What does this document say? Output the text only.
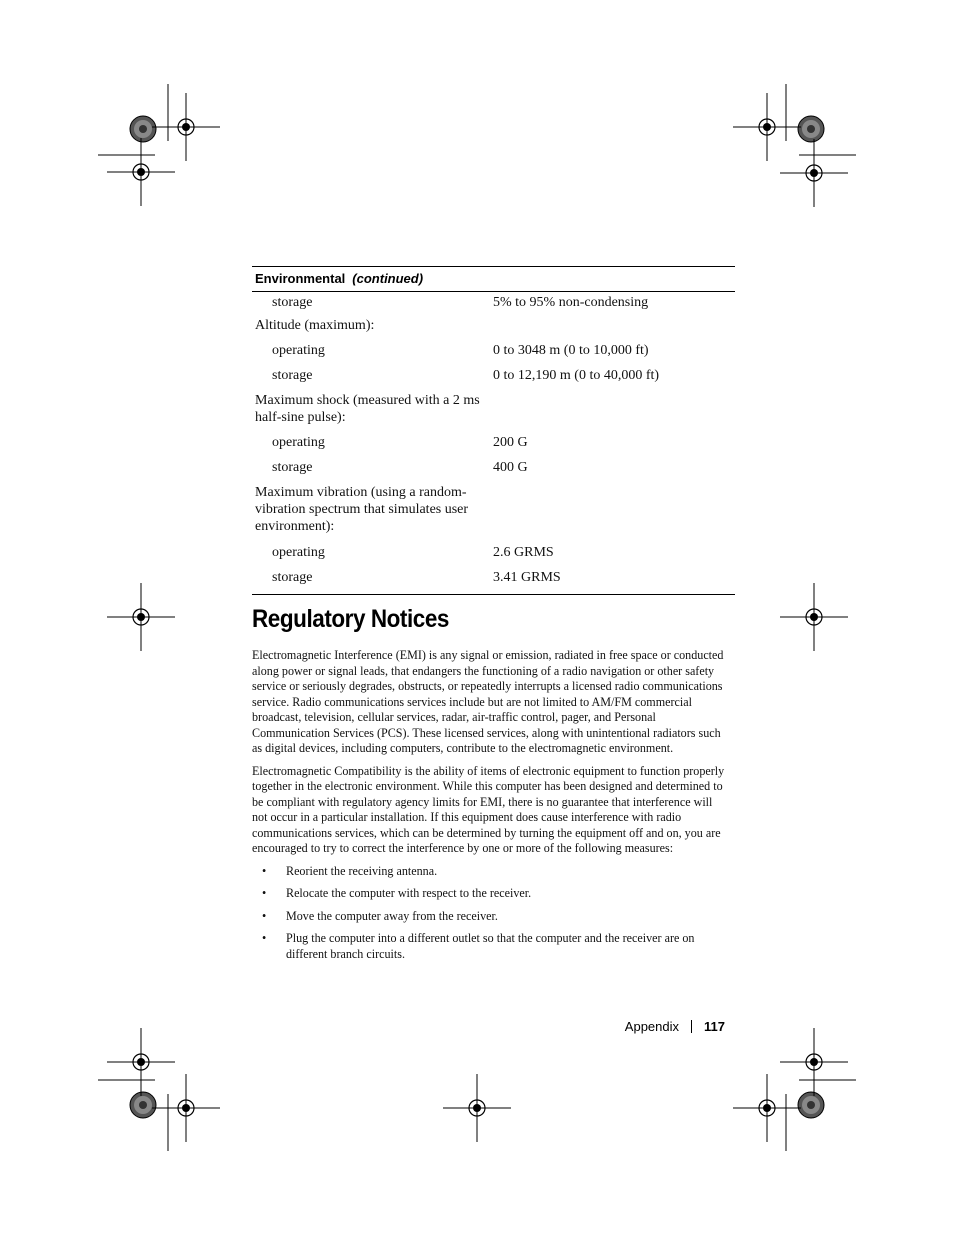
Environmental (continued)
storage	5% to 95% non-condensing
Altitude (maximum):
operating	0 to 3048 m (0 to 10,000 ft)
storage	0 to 12,190 m (0 to 40,000 ft)
Maximum shock (measured with a 2 ms half-sine pulse):
operating	200 G
storage	400 G
Maximum vibration (using a random-vibration spectrum that simulates user environment):
operating	2.6 GRMS
storage	3.41 GRMS
Regulatory Notices

Electromagnetic Interference (EMI) is any signal or emission, radiated in free space or conducted along power or signal leads, that endangers the functioning of a radio navigation or other safety service or seriously degrades, obstructs, or repeatedly interrupts a licensed radio communications service. Radio communications services include but are not limited to AM/FM commercial broadcast, television, cellular services, radar, air-traffic control, pager, and Personal Communication Services (PCS). These licensed services, along with unintentional radiators such as digital devices, including computers, contribute to the electromagnetic environment.

Electromagnetic Compatibility is the ability of items of electronic equipment to function properly together in the electronic environment. While this computer has been designed and determined to be compliant with regulatory agency limits for EMI, there is no guarantee that interference will not occur in a particular installation. If this equipment does cause interference with radio communications services, which can be determined by turning the equipment off and on, you are encouraged to try to correct the interference by one or more of the following measures:

• Reorient the receiving antenna.
• Relocate the computer with respect to the receiver.
• Move the computer away from the receiver.
• Plug the computer into a different outlet so that the computer and the receiver are on different branch circuits.
Appendix 117
